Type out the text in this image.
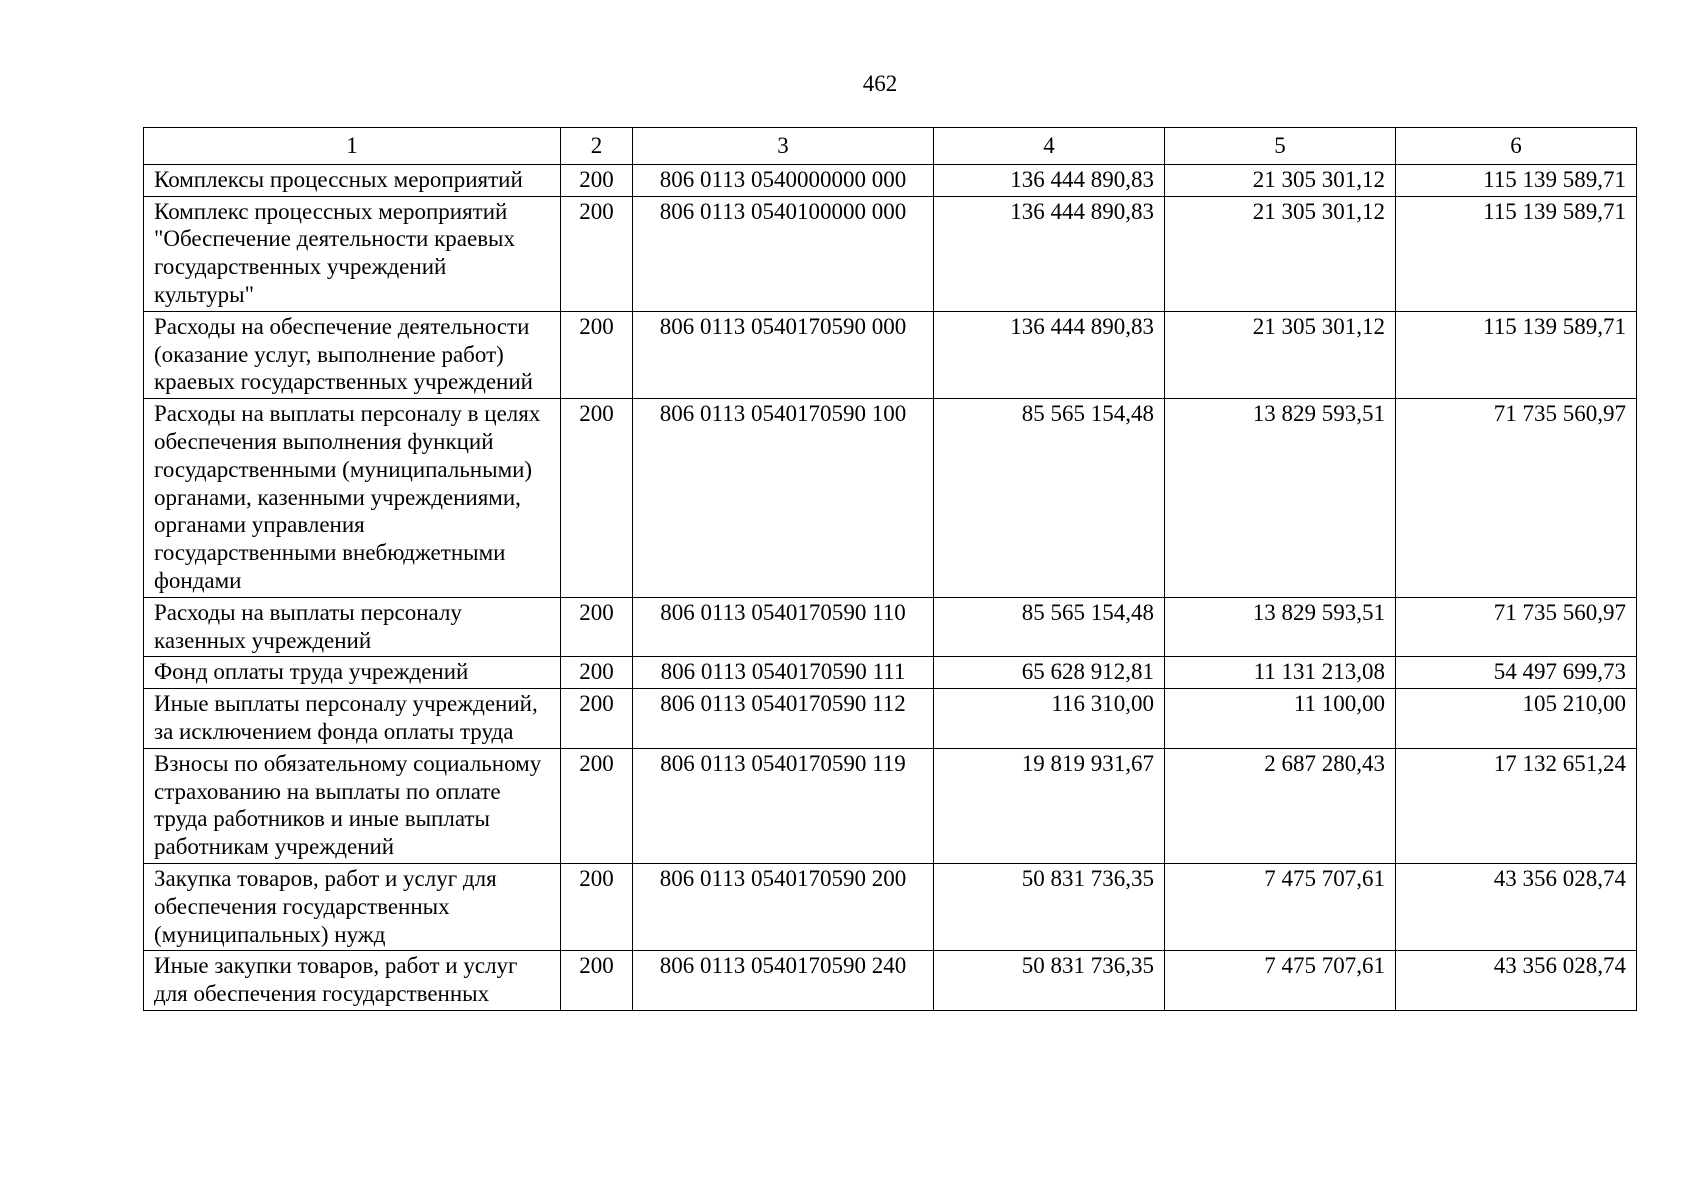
462
1	2	3	4	5	6
Комплексы процессных мероприятий	200	806 0113 0540000000 000	136 444 890,83	21 305 301,12	115 139 589,71
Комплекс процессных мероприятий "Обеспечение деятельности краевых государственных учреждений культуры"	200	806 0113 0540100000 000	136 444 890,83	21 305 301,12	115 139 589,71
Расходы на обеспечение деятельности (оказание услуг, выполнение работ) краевых государственных учреждений	200	806 0113 0540170590 000	136 444 890,83	21 305 301,12	115 139 589,71
Расходы на выплаты персоналу в целях обеспечения выполнения функций государственными (муниципальными) органами, казенными учреждениями, органами управления государственными внебюджетными фондами	200	806 0113 0540170590 100	85 565 154,48	13 829 593,51	71 735 560,97
Расходы на выплаты персоналу казенных учреждений	200	806 0113 0540170590 110	85 565 154,48	13 829 593,51	71 735 560,97
Фонд оплаты труда учреждений	200	806 0113 0540170590 111	65 628 912,81	11 131 213,08	54 497 699,73
Иные выплаты персоналу учреждений, за исключением фонда оплаты труда	200	806 0113 0540170590 112	116 310,00	11 100,00	105 210,00
Взносы по обязательному социальному страхованию на выплаты по оплате труда работников и иные выплаты работникам учреждений	200	806 0113 0540170590 119	19 819 931,67	2 687 280,43	17 132 651,24
Закупка товаров, работ и услуг для обеспечения государственных (муниципальных) нужд	200	806 0113 0540170590 200	50 831 736,35	7 475 707,61	43 356 028,74
Иные закупки товаров, работ и услуг для обеспечения государственных	200	806 0113 0540170590 240	50 831 736,35	7 475 707,61	43 356 028,74
